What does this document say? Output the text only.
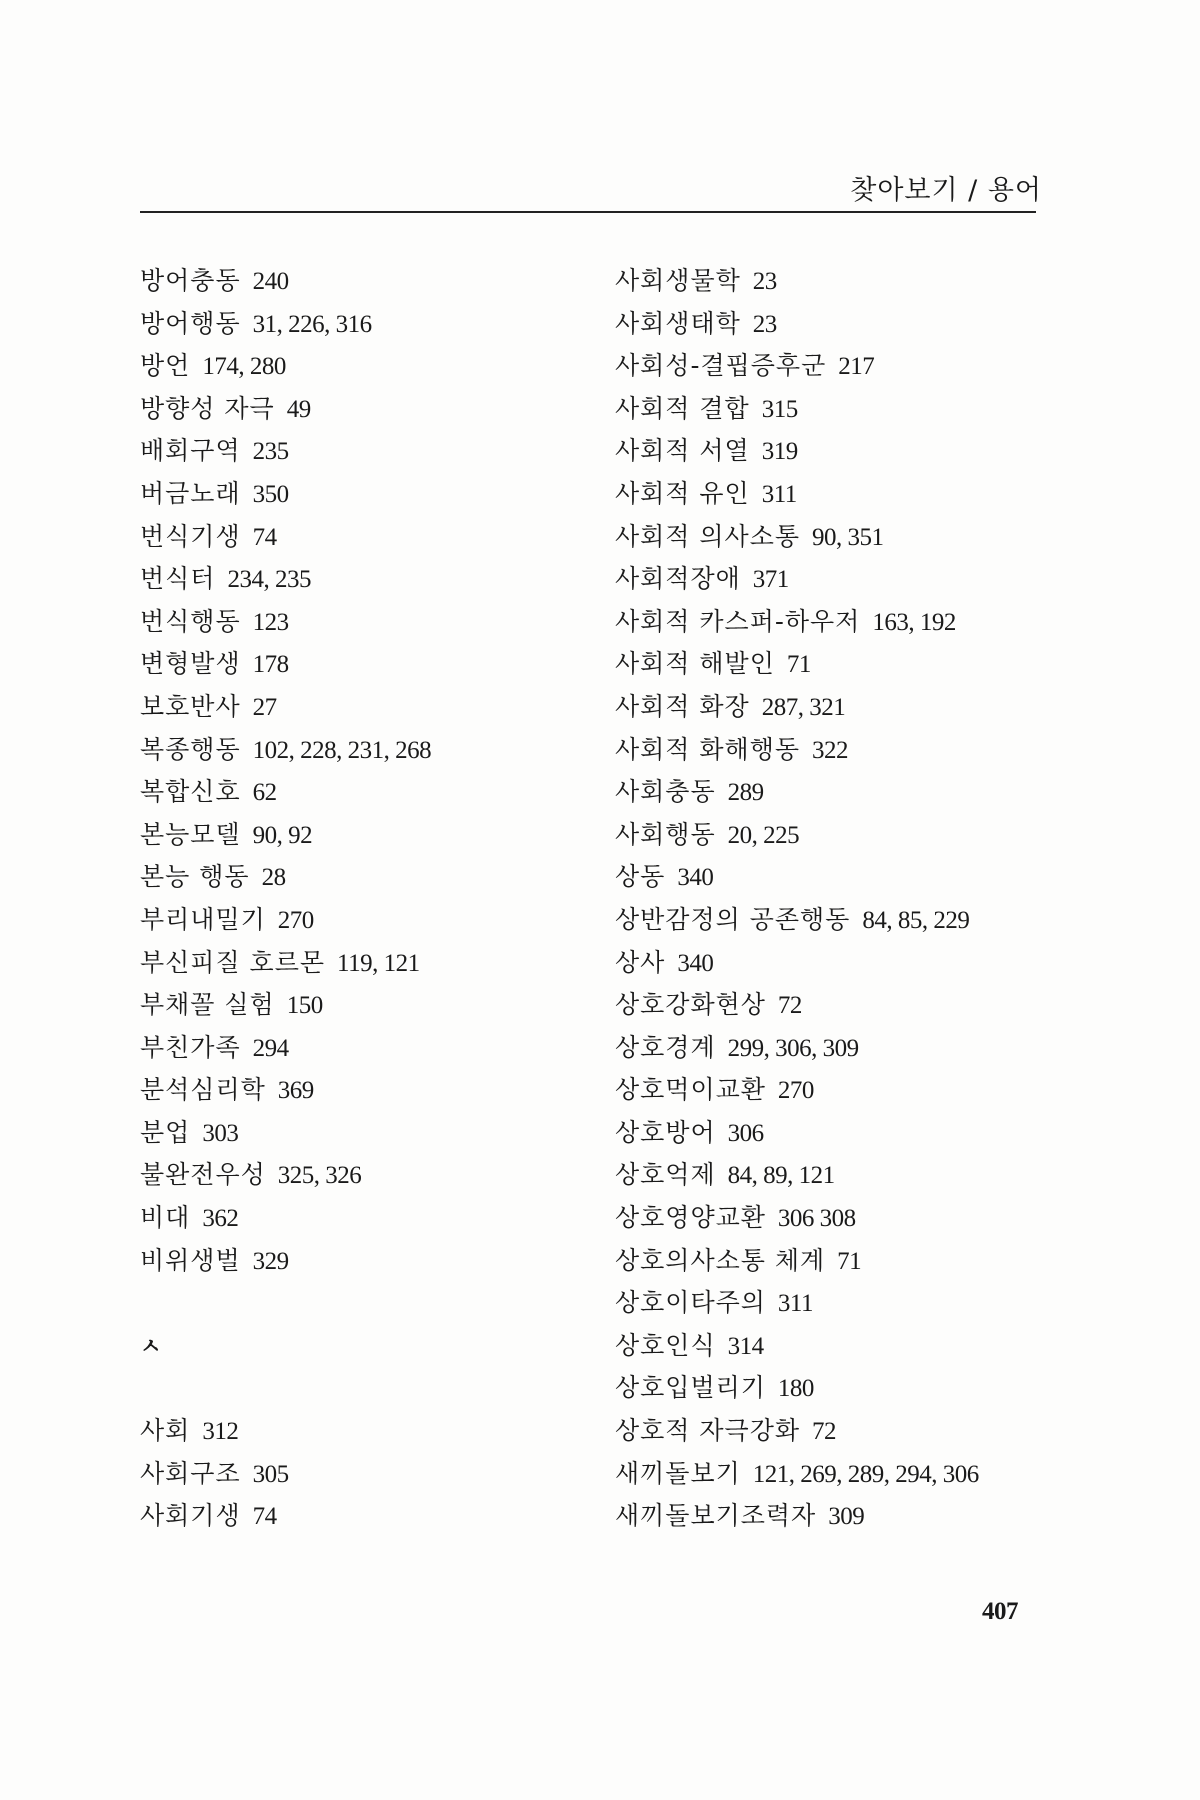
찾아보기 / 용어
방어충동 240
방어행동 31, 226, 316
방언 174, 280
방향성 자극 49
배회구역 235
버금노래 350
번식기생 74
번식터 234, 235
번식행동 123
변형발생 178
보호반사 27
복종행동 102, 228, 231, 268
복합신호 62
본능모델 90, 92
본능 행동 28
부리내밀기 270
부신피질 호르몬 119, 121
부채꼴 실험 150
부친가족 294
분석심리학 369
분업 303
불완전우성 325, 326
비대 362
비위생벌 329
ㅅ
사회 312
사회구조 305
사회기생 74
사회생물학 23
사회생태학 23
사회성-결핍증후군 217
사회적 결합 315
사회적 서열 319
사회적 유인 311
사회적 의사소통 90, 351
사회적장애 371
사회적 카스퍼-하우저 163, 192
사회적 해발인 71
사회적 화장 287, 321
사회적 화해행동 322
사회충동 289
사회행동 20, 225
상동 340
상반감정의 공존행동 84, 85, 229
상사 340
상호강화현상 72
상호경계 299, 306, 309
상호먹이교환 270
상호방어 306
상호억제 84, 89, 121
상호영양교환 306 308
상호의사소통 체계 71
상호이타주의 311
상호인식 314
상호입벌리기 180
상호적 자극강화 72
새끼돌보기 121, 269, 289, 294, 306
새끼돌보기조력자 309
407
